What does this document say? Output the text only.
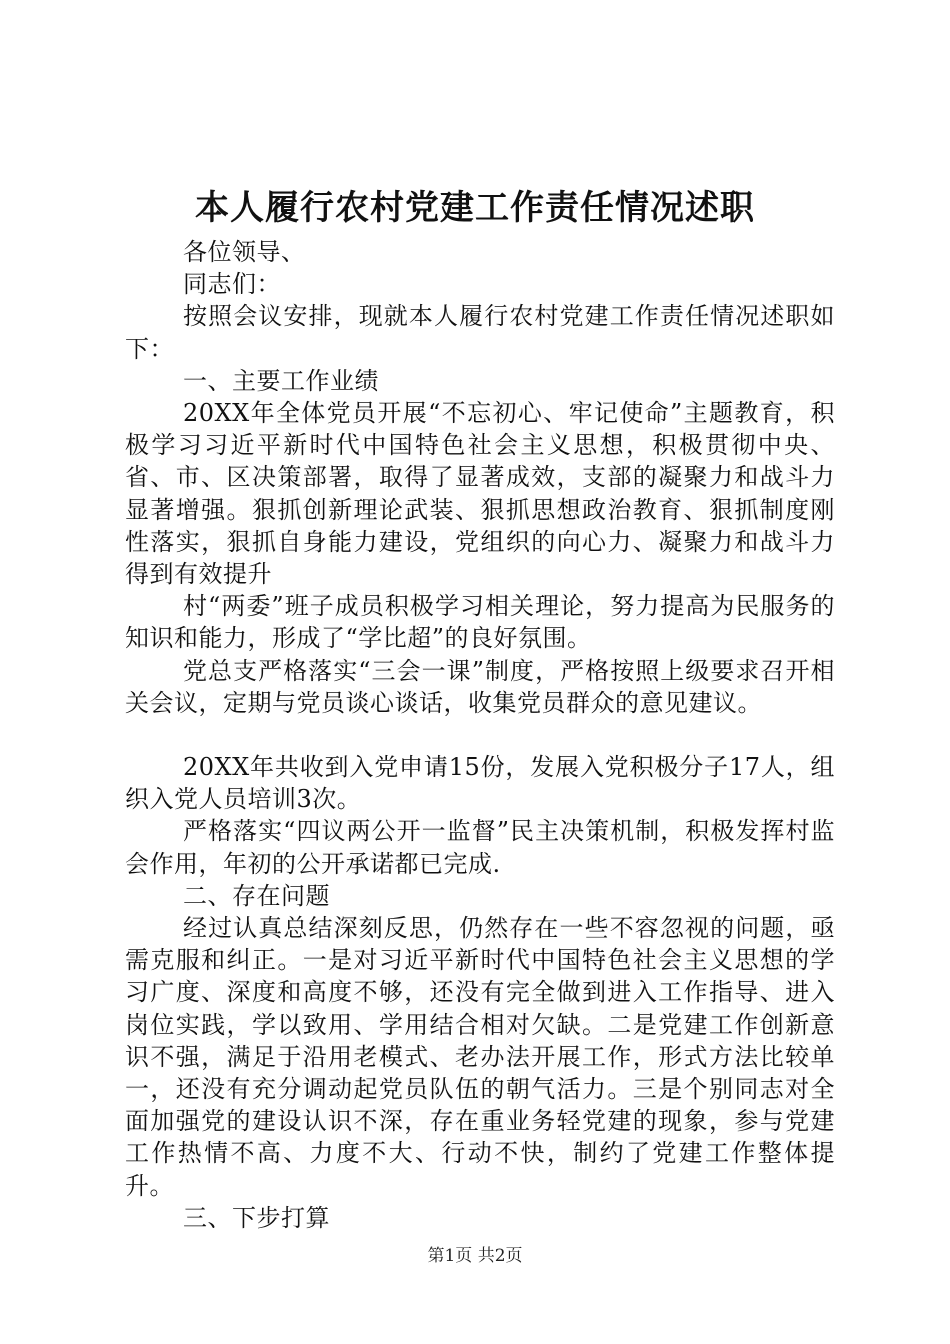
本人履行农村党建工作责任情况述职

各位领导、

同志们：

按照会议安排，现就本人履行农村党建工作责任情况述职如下：

一、主要工作业绩

20XX年全体党员开展“不忘初心、牢记使命”主题教育，积极学习习近平新时代中国特色社会主义思想，积极贯彻中央、省、市、区决策部署，取得了显著成效，支部的凝聚力和战斗力显著增强。狠抓创新理论武装、狠抓思想政治教育、狠抓制度刚性落实，狠抓自身能力建设，党组织的向心力、凝聚力和战斗力得到有效提升

村“两委”班子成员积极学习相关理论，努力提高为民服务的知识和能力，形成了“学比超”的良好氛围。

党总支严格落实“三会一课”制度，严格按照上级要求召开相关会议，定期与党员谈心谈话，收集党员群众的意见建议。

20XX年共收到入党申请15份，发展入党积极分子17人，组织入党人员培训3次。

严格落实“四议两公开一监督”民主决策机制，积极发挥村监会作用，年初的公开承诺都已完成.

二、存在问题

经过认真总结深刻反思，仍然存在一些不容忽视的问题，亟需克服和纠正。一是对习近平新时代中国特色社会主义思想的学习广度、深度和高度不够，还没有完全做到进入工作指导、进入岗位实践，学以致用、学用结合相对欠缺。二是党建工作创新意识不强，满足于沿用老模式、老办法开展工作，形式方法比较单一，还没有充分调动起党员队伍的朝气活力。三是个别同志对全面加强党的建设认识不深，存在重业务轻党建的现象，参与党建工作热情不高、力度不大、行动不快，制约了党建工作整体提升。

三、下步打算

第1页 共2页
